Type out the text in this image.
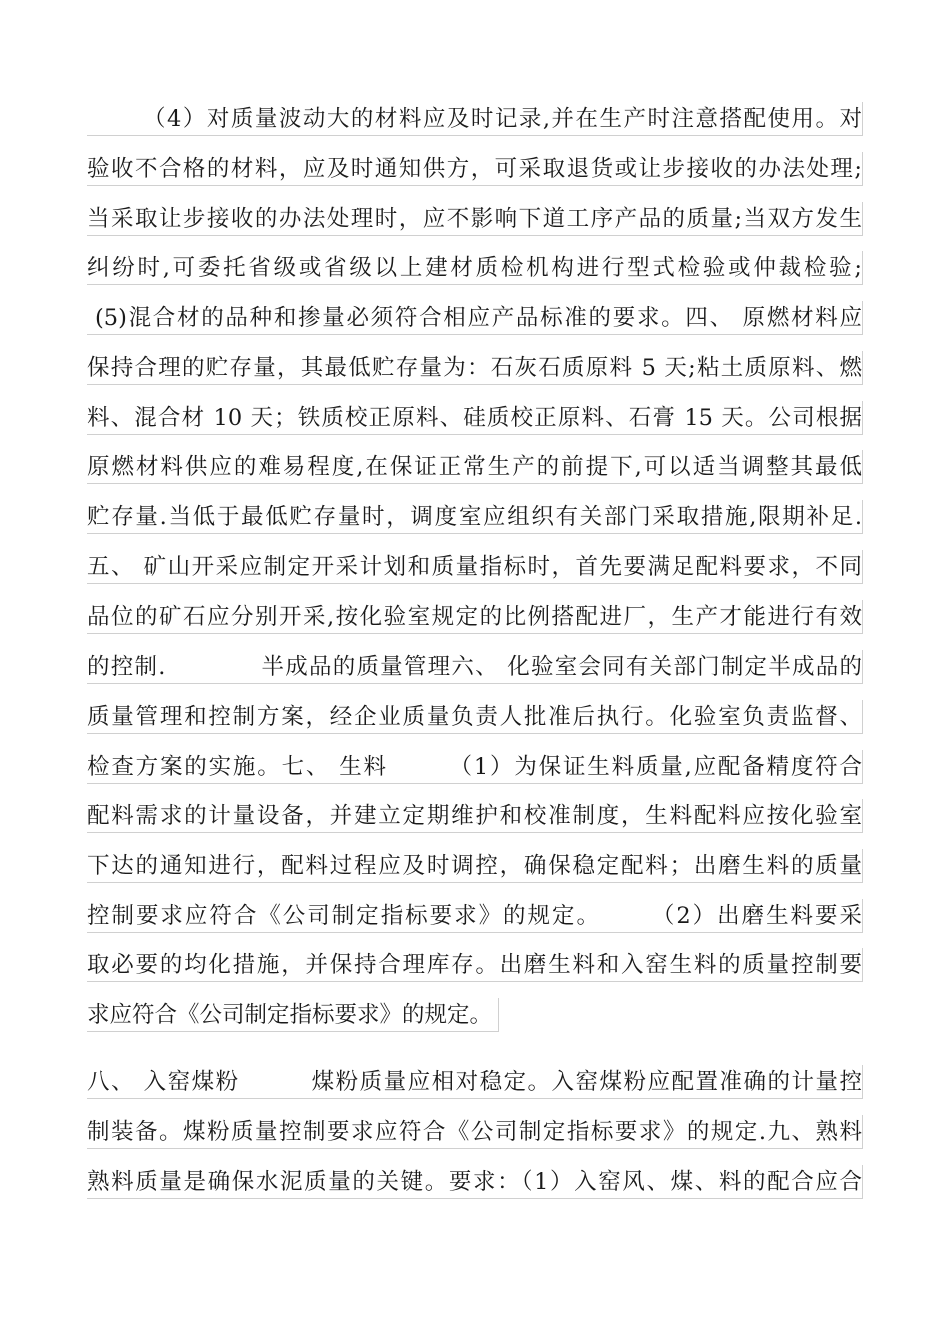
（4）对质量波动大的材料应及时记录,并在生产时注意搭配使用。对
验收不合格的材料，应及时通知供方，可采取退货或让步接收的办法处理;
当采取让步接收的办法处理时，应不影响下道工序产品的质量;当双方发生
纠纷时,可委托省级或省级以上建材质检机构进行型式检验或仲裁检验;
(5)混合材的品种和掺量必须符合相应产品标准的要求。四、 原燃材料应
保持合理的贮存量，其最低贮存量为：石灰石质原料 5 天;粘土质原料、燃
料、混合材 10 天；铁质校正原料、硅质校正原料、石膏 15 天。公司根据
原燃材料供应的难易程度,在保证正常生产的前提下,可以适当调整其最低
贮存量.当低于最低贮存量时，调度室应组织有关部门采取措施,限期补足.
五、 矿山开采应制定开采计划和质量指标时，首先要满足配料要求，不同
品位的矿石应分别开采,按化验室规定的比例搭配进厂，生产才能进行有效
的控制.　　　　半成品的质量管理六、 化验室会同有关部门制定半成品的
质量管理和控制方案，经企业质量负责人批准后执行。化验室负责监督、
检查方案的实施。七、 生料　　　（1）为保证生料质量,应配备精度符合
配料需求的计量设备，并建立定期维护和校准制度，生料配料应按化验室
下达的通知进行，配料过程应及时调控，确保稳定配料；出磨生料的质量
控制要求应符合《公司制定指标要求》的规定。　　　（2）出磨生料要采
取必要的均化措施，并保持合理库存。出磨生料和入窑生料的质量控制要
求应符合《公司制定指标要求》的规定。
八、 入窑煤粉　　　煤粉质量应相对稳定。入窑煤粉应配置准确的计量控
制装备。煤粉质量控制要求应符合《公司制定指标要求》的规定.九、熟料
熟料质量是确保水泥质量的关键。要求：（1）入窑风、煤、料的配合应合
